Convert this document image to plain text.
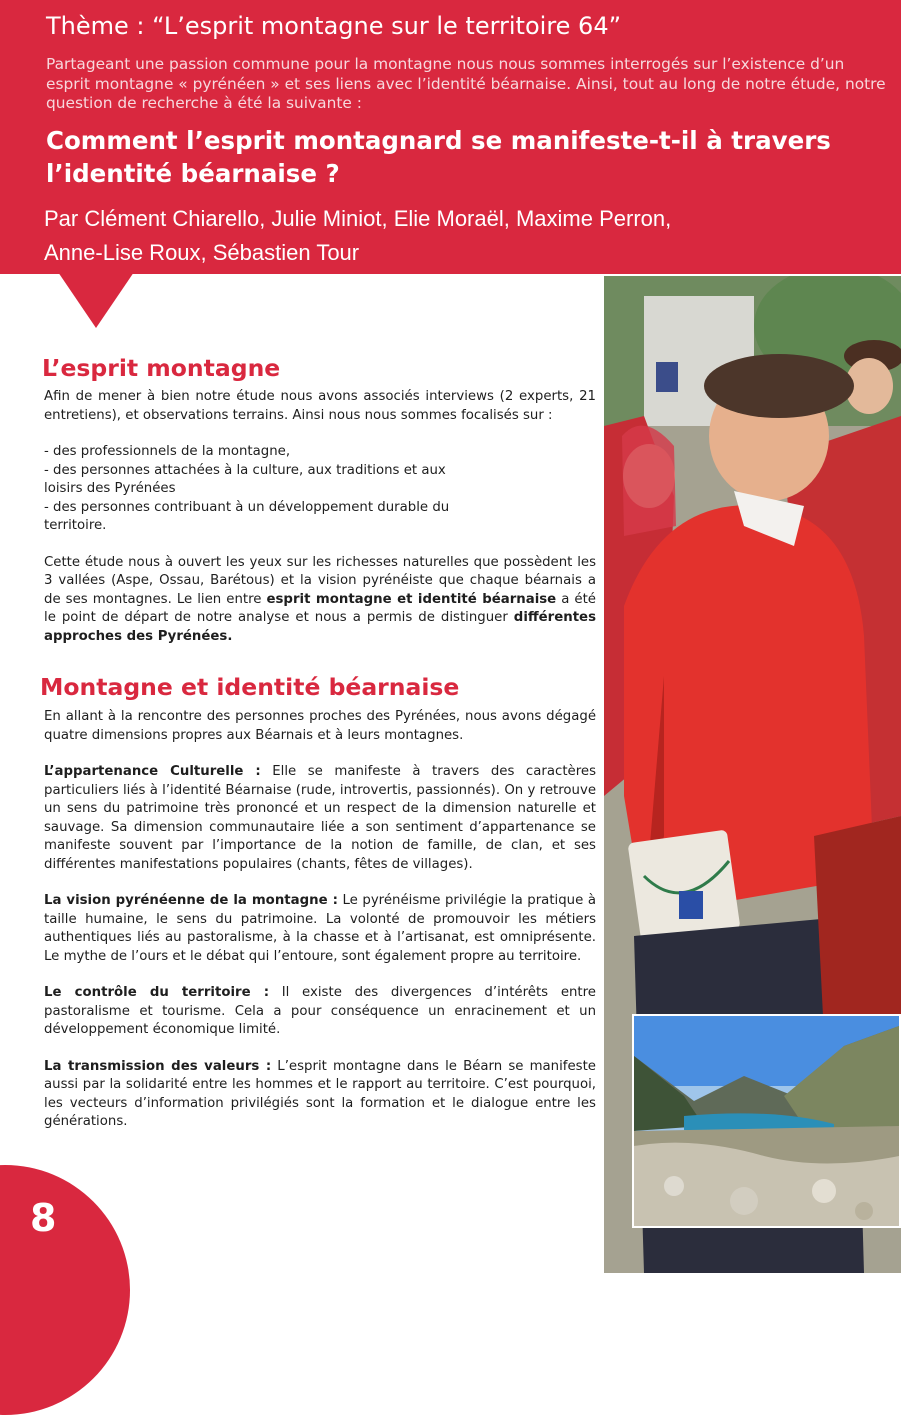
Thème : “L’esprit montagne sur le territoire 64”
Partageant une passion commune pour la montagne nous nous sommes interrogés sur l’existence d’un esprit montagne « pyrénéen » et ses liens avec l’identité béarnaise. Ainsi, tout au long de notre étude, notre question de recherche à été la suivante :
Comment l’esprit montagnard se manifeste-t-il à travers
l’identité béarnaise ?
Par Clément Chiarello, Julie Miniot, Elie Moraël, Maxime Perron,
Anne-Lise Roux, Sébastien Tour
L’esprit montagne

Afin de mener à bien notre étude nous avons associés interviews (2 experts, 21 entretiens), et observations terrains. Ainsi nous nous sommes focalisés sur :

- des professionnels de la montagne,
- des personnes attachées à la culture, aux traditions et aux
loisirs des Pyrénées
- des personnes contribuant à un développement durable du
territoire.

Cette étude nous à ouvert les yeux sur les richesses naturelles que possèdent les 3 vallées (Aspe, Ossau, Barétous) et la vision pyrénéiste que chaque béarnais a de ses montagnes. Le lien entre esprit montagne et identité béarnaise a été le point de départ de notre analyse et nous a permis de distinguer différentes approches des Pyrénées.

Montagne et identité béarnaise

En allant à la rencontre des personnes proches des Pyrénées, nous avons dégagé quatre dimensions propres aux Béarnais et à leurs montagnes.

L’appartenance Culturelle : Elle se manifeste à travers des caractères particuliers liés à l’identité Béarnaise (rude, introvertis, passionnés). On y retrouve un sens du patrimoine très prononcé et un respect de la dimension naturelle et sauvage. Sa dimension communautaire liée a son sentiment d’appartenance se manifeste souvent par l’importance de la notion de famille, de clan, et ses différentes manifestations populaires (chants, fêtes de villages).

La vision pyrénéenne de la montagne : Le pyrénéisme privilégie la pratique à taille humaine, le sens du patrimoine. La volonté de promouvoir les métiers authentiques liés au pastoralisme, à la chasse et à l’artisanat, est omniprésente. Le mythe de l’ours et le débat qui l’entoure, sont également propre au territoire.

Le contrôle du territoire : Il existe des divergences d’intérêts entre pastoralisme et tourisme. Cela a pour conséquence un enracinement et un développement économique limité.

La transmission des valeurs : L’esprit montagne dans le Béarn se manifeste aussi par la solidarité entre les hommes et le rapport au territoire. C’est pourquoi, les vecteurs d’information privilégiés sont la formation et le dialogue entre les générations.

8
